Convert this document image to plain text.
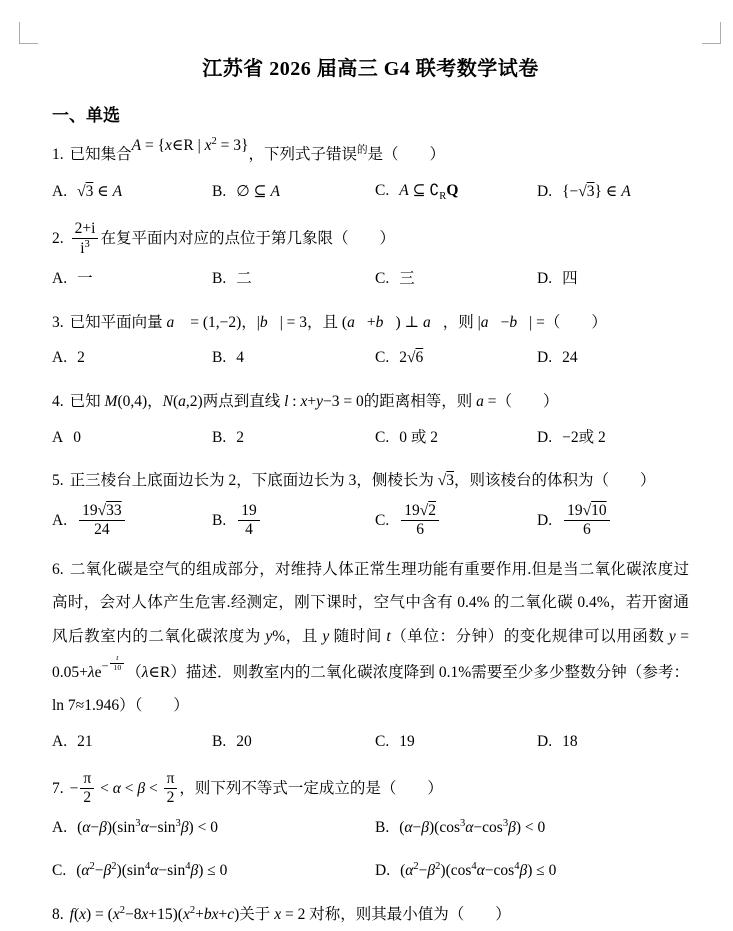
江苏省 2026 届高三 G4 联考数学试卷
一、单选
1. 已知集合A = {x∈R | $x^2 = 3$}，下列式子错误$^的$是（　　）
A. √3 ∈ A	B. ∅ ⊆ A	C. A ⊆ $∁_RQ$	D. {−√3} ∈ A
2. $\frac{2+i}{i^3}$ 在复平面内对应的点位于第几象限（　　）
A. 一	B. 二	C. 三	D. 四
3. 已知平面向量 a⃗ = (1,−2)，|b⃗| = 3，且 (a⃗+b⃗) ⊥ a⃗，则 |a⃗−b⃗| =（　　）
A. 2	B. 4	C. 2√6	D. 24
4. 已知 M(0,4)，N(a,2)两点到直线 l : x+y−3 = 0的距离相等，则 a =（　　）
A 0	B. 2	C. 0 或 2	D. −2或 2
5. 正三棱台上底面边长为 2，下底面边长为 3，侧棱长为 √3，则该棱台的体积为（　　）
A. $\frac{19√33}{24}$	B. $\frac{19}{4}$	C. $\frac{19√2}{6}$	D. $\frac{19√10}{6}$
6. 二氧化碳是空气的组成部分，对维持人体正常生理功能有重要作用.但是当二氧化碳浓度过高时，会对人体产生危害.经测定，刚下课时，空气中含有 0.4% 的二氧化碳 0.4%，若开窗通风后教室内的二氧化碳浓度为 y%，且 y 随时间 t（单位：分钟）的变化规律可以用函数 $y = 0.05+\lambda e^{- \frac{t}{10}}$ （λ∈R）描述．则教室内的二氧化碳浓度降到 0.1%需要至少多少整数分钟（参考： ln 7≈1.946）（　　）
A. 21	B. 20	C. 19	D. 18
7. − $\frac{\pi}{2} < \alpha < \beta < \frac{\pi}{2}$ ，则下列不等式一定成立的是（　　）
A. $(\alpha-\beta)(\sin^3\alpha-\sin^3\beta) < 0$	B. $(\alpha-\beta)(\cos^3\alpha-\cos^3\beta) < 0$
C. $(\alpha^2-\beta^2)(\sin^4\alpha-\sin^4\beta) \le 0$	D. $(\alpha^2-\beta^2)(\cos^4\alpha-\cos^4\beta) \le 0$
8. $f(x) = (x^2-8x+15)(x^2+bx+c)$关于 x = 2 对称，则其最小值为（　　）
